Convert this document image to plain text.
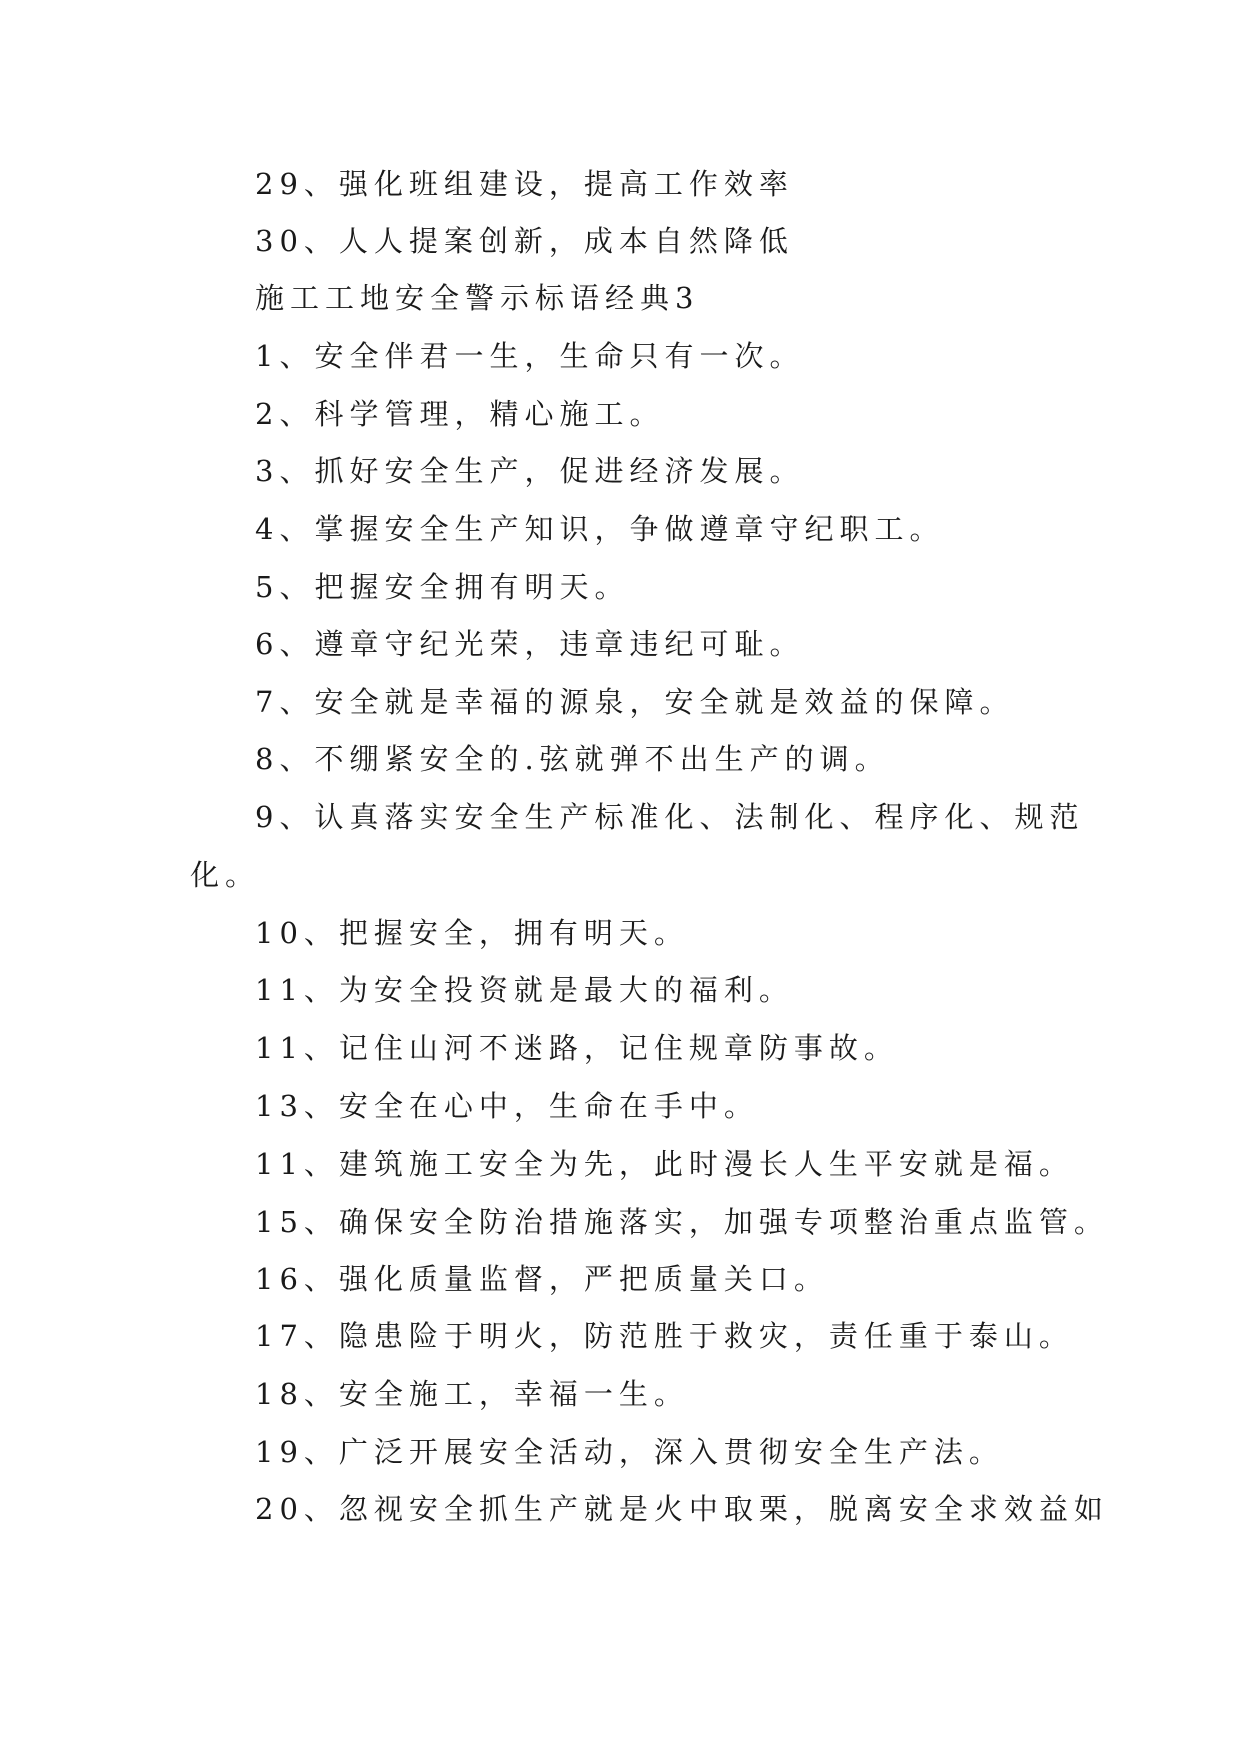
29、强化班组建设，提高工作效率
30、人人提案创新，成本自然降低
施工工地安全警示标语经典3
1、安全伴君一生，生命只有一次。
2、科学管理，精心施工。
3、抓好安全生产，促进经济发展。
4、掌握安全生产知识，争做遵章守纪职工。
5、把握安全拥有明天。
6、遵章守纪光荣，违章违纪可耻。
7、安全就是幸福的源泉，安全就是效益的保障。
8、不绷紧安全的.弦就弹不出生产的调。
9、认真落实安全生产标准化、法制化、程序化、规范
化。
10、把握安全，拥有明天。
11、为安全投资就是最大的福利。
11、记住山河不迷路，记住规章防事故。
13、安全在心中，生命在手中。
11、建筑施工安全为先，此时漫长人生平安就是福。
15、确保安全防治措施落实，加强专项整治重点监管。
16、强化质量监督，严把质量关口。
17、隐患险于明火，防范胜于救灾，责任重于泰山。
18、安全施工，幸福一生。
19、广泛开展安全活动，深入贯彻安全生产法。
20、忽视安全抓生产就是火中取栗，脱离安全求效益如
